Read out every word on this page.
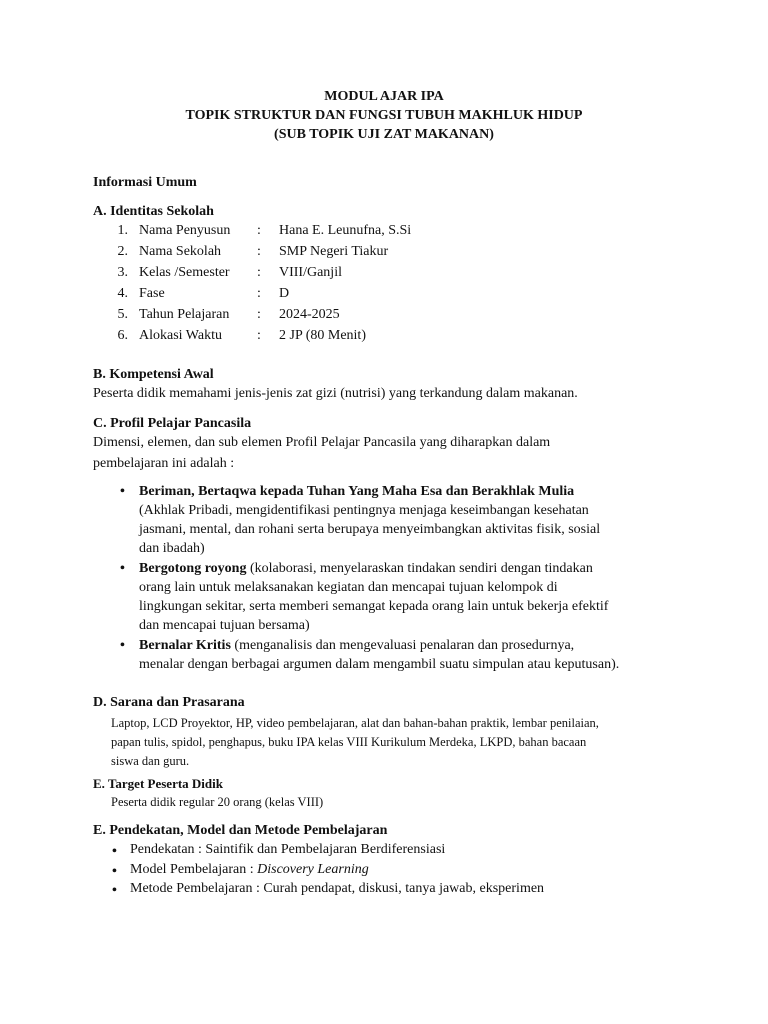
MODUL AJAR IPA
TOPIK STRUKTUR DAN FUNGSI TUBUH MAKHLUK HIDUP
(SUB TOPIK UJI ZAT MAKANAN)
Informasi Umum
A. Identitas Sekolah
1. Nama Penyusun : Hana E. Leunufna, S.Si
2. Nama Sekolah	: SMP Negeri Tiakur
3. Kelas /Semester : VIII/Ganjil
4. Fase	: D
5. Tahun Pelajaran : 2024-2025
6. Alokasi Waktu	: 2 JP (80 Menit)
B. Kompetensi Awal
Peserta didik memahami jenis-jenis zat gizi (nutrisi) yang terkandung dalam makanan.
C. Profil Pelajar Pancasila
Dimensi, elemen, dan sub elemen Profil Pelajar Pancasila yang diharapkan dalam
pembelajaran ini adalah :
• Beriman, Bertaqwa kepada Tuhan Yang Maha Esa dan Berakhlak Mulia
(Akhlak Pribadi, mengidentifikasi pentingnya menjaga keseimbangan kesehatan
jasmani, mental, dan rohani serta berupaya menyeimbangkan aktivitas fisik, sosial
dan ibadah)
• Bergotong royong (kolaborasi, menyelaraskan tindakan sendiri dengan tindakan
orang lain untuk melaksanakan kegiatan dan mencapai tujuan kelompok di
lingkungan sekitar, serta memberi semangat kepada orang lain untuk bekerja efektif
dan mencapai tujuan bersama)
• Bernalar Kritis (menganalisis dan mengevaluasi penalaran dan prosedurnya,
menalar dengan berbagai argumen dalam mengambil suatu simpulan atau keputusan).
D. Sarana dan Prasarana
Laptop, LCD Proyektor, HP, video pembelajaran, alat dan bahan-bahan praktik, lembar penilaian,
papan tulis, spidol, penghapus, buku IPA kelas VIII Kurikulum Merdeka, LKPD, bahan bacaan
siswa dan guru.
E. Target Peserta Didik
Peserta didik regular 20 orang (kelas VIII)
E. Pendekatan, Model dan Metode Pembelajaran
• Pendekatan : Saintifik dan Pembelajaran Berdiferensiasi
• Model Pembelajaran : Discovery Learning
• Metode Pembelajaran : Curah pendapat, diskusi, tanya jawab, eksperimen
